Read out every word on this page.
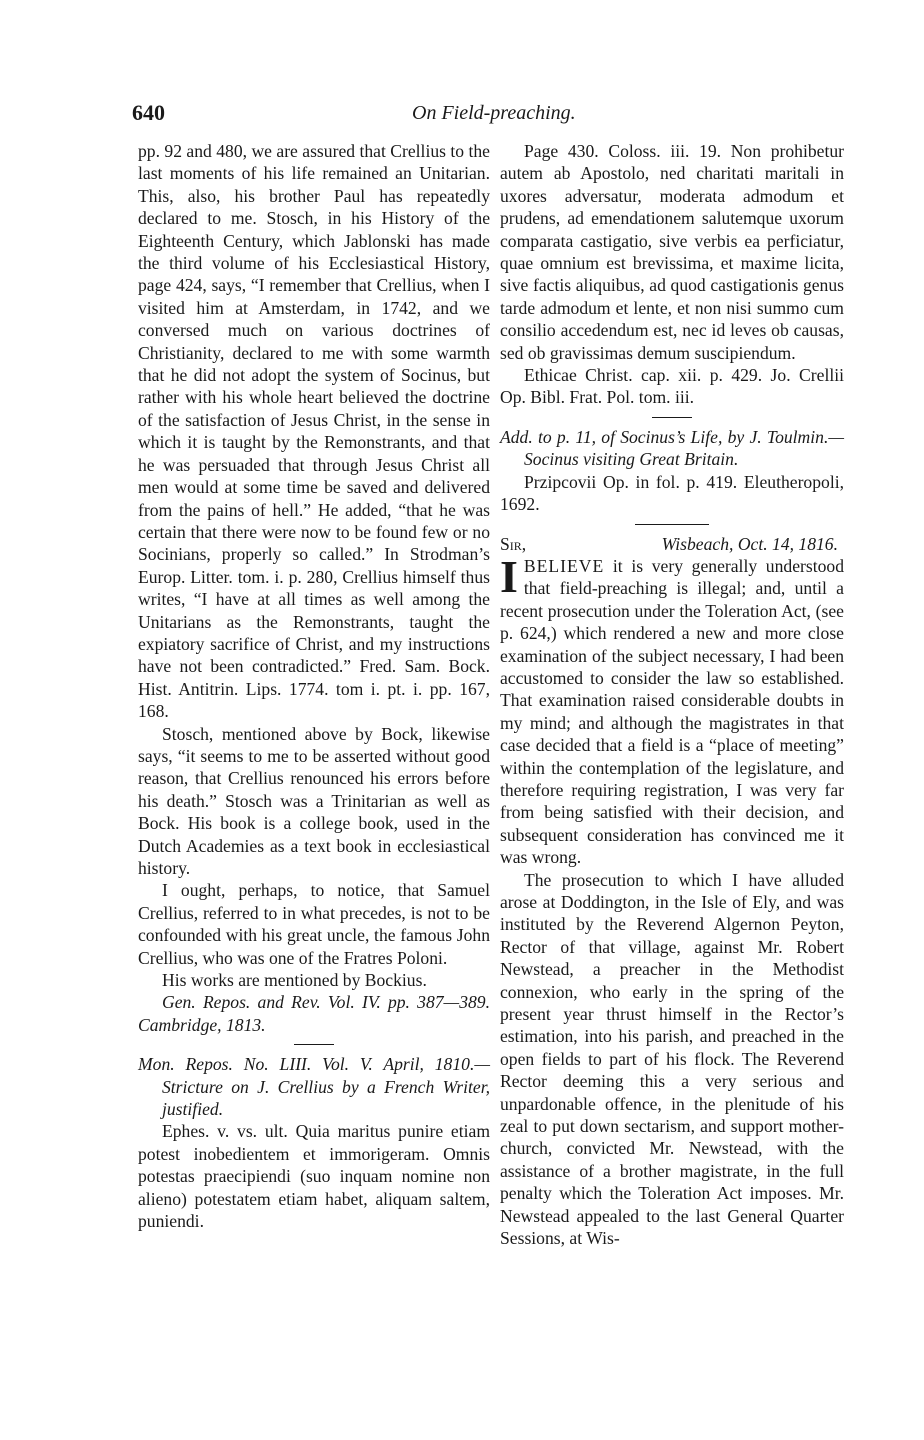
640	On Field-preaching.

pp. 92 and 480, we are assured that Crellius to the last moments of his life remained an Unitarian. This, also, his brother Paul has repeatedly declared to me. Stosch, in his History of the Eighteenth Century, which Jablonski has made the third volume of his Ecclesiastical History, page 424, says, “I remember that Crellius, when I visited him at Amsterdam, in 1742, and we conversed much on various doctrines of Christianity, declared to me with some warmth that he did not adopt the system of Socinus, but rather with his whole heart believed the doctrine of the satisfaction of Jesus Christ, in the sense in which it is taught by the Remonstrants, and that he was persuaded that through Jesus Christ all men would at some time be saved and delivered from the pains of hell.” He added, “that he was certain that there were now to be found few or no Socinians, properly so called.” In Strodman’s Europ. Litter. tom. i. p. 280, Crellius himself thus writes, “I have at all times as well among the Unitarians as the Remonstrants, taught the expiatory sacrifice of Christ, and my instructions have not been contradicted.” Fred. Sam. Bock. Hist. Antitrin. Lips. 1774. tom i. pt. i. pp. 167, 168.

Stosch, mentioned above by Bock, likewise says, “it seems to me to be asserted without good reason, that Crellius renounced his errors before his death.” Stosch was a Trinitarian as well as Bock. His book is a college book, used in the Dutch Academies as a text book in ecclesiastical history.

I ought, perhaps, to notice, that Samuel Crellius, referred to in what precedes, is not to be confounded with his great uncle, the famous John Crellius, who was one of the Fratres Poloni.

His works are mentioned by Bockius.

Gen. Repos. and Rev. Vol. IV. pp. 387—389. Cambridge, 1813.

Mon. Repos. No. LIII. Vol. V. April, 1810.—Stricture on J. Crellius by a French Writer, justified.

Ephes. v. vs. ult. Quia maritus punire etiam potest inobedientem et immorigeram. Omnis potestas praecipiendi (suo inquam nomine non alieno) potestatem etiam habet, aliquam saltem, puniendi.

Page 430. Coloss. iii. 19. Non prohibetur autem ab Apostolo, ned charitati maritali in uxores adversatur, moderata admodum et prudens, ad emendationem salutemque uxorum comparata castigatio, sive verbis ea perficiatur, quae omnium est brevissima, et maxime licita, sive factis aliquibus, ad quod castigationis genus tarde admodum et lente, et non nisi summo cum consilio accedendum est, nec id leves ob causas, sed ob gravissimas demum suscipiendum.

Ethicae Christ. cap. xii. p. 429. Jo. Crellii Op. Bibl. Frat. Pol. tom. iii.

Add. to p. 11, of Socinus’s Life, by J. Toulmin.—Socinus visiting Great Britain.

Przipcovii Op. in fol. p. 419. Eleutheropoli, 1692.

Sir,	Wisbeach, Oct. 14, 1816.

IBELIEVE it is very generally understood that field-preaching is illegal; and, until a recent prosecution under the Toleration Act, (see p. 624,) which rendered a new and more close examination of the subject necessary, I had been accustomed to consider the law so established. That examination raised considerable doubts in my mind; and although the magistrates in that case decided that a field is a “place of meeting” within the contemplation of the legislature, and therefore requiring registration, I was very far from being satisfied with their decision, and subsequent consideration has convinced me it was wrong.

The prosecution to which I have alluded arose at Doddington, in the Isle of Ely, and was instituted by the Reverend Algernon Peyton, Rector of that village, against Mr. Robert Newstead, a preacher in the Methodist connexion, who early in the spring of the present year thrust himself in the Rector’s estimation, into his parish, and preached in the open fields to part of his flock. The Reverend Rector deeming this a very serious and unpardonable offence, in the plenitude of his zeal to put down sectarism, and support mother-church, convicted Mr. Newstead, with the assistance of a brother magistrate, in the full penalty which the Toleration Act imposes. Mr. Newstead appealed to the last General Quarter Sessions, at Wis-
